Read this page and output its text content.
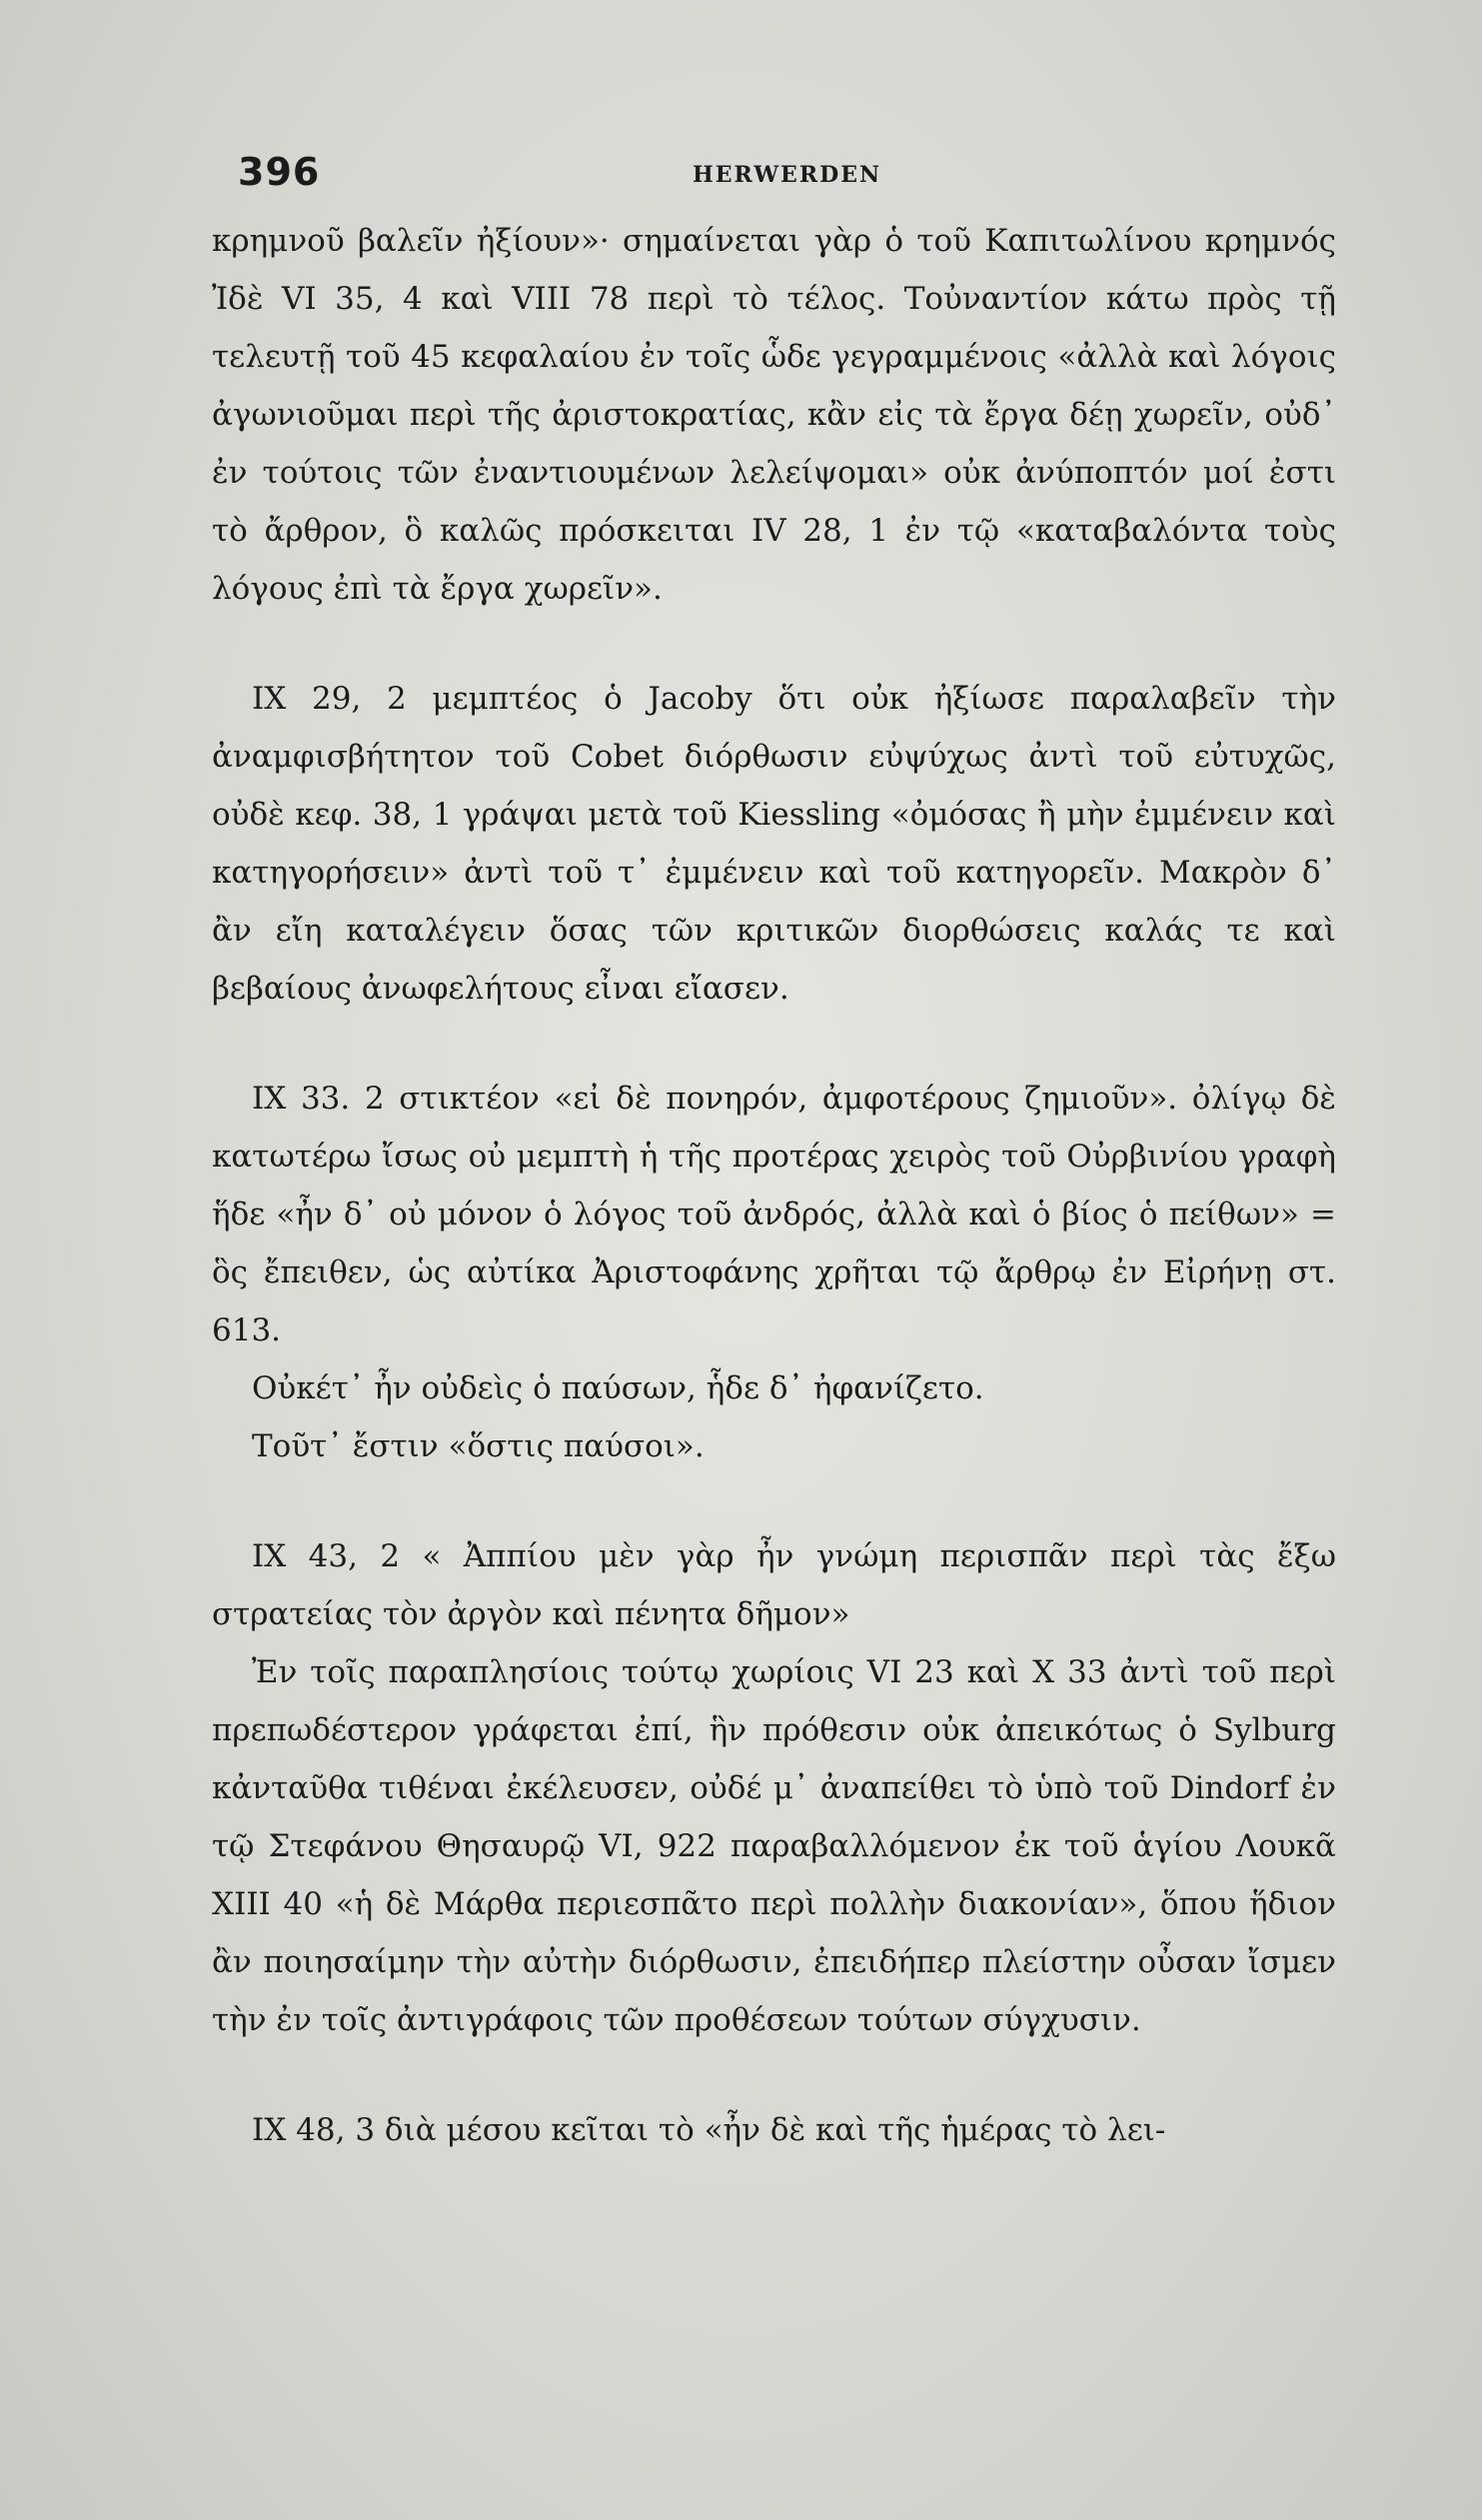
396	HERWERDEN

κρημνοῦ βαλεῖν ἠξίουν»· σημαίνεται γὰρ ὁ τοῦ Καπιτωλίνου κρημνός Ἰδὲ VI 35, 4 καὶ VIII 78 περὶ τὸ τέλος. Τοὐναντίον κάτω πρὸς τῇ τελευτῇ τοῦ 45 κεφαλαίου ἐν τοῖς ὧδε γεγραμμένοις «ἀλλὰ καὶ λόγοις ἀγωνιοῦμαι περὶ τῆς ἀριστοκρατίας, κἂν εἰς τὰ ἔργα δέῃ χωρεῖν, οὐδ᾿ ἐν τούτοις τῶν ἐναντιουμένων λελείψομαι» οὐκ ἀνύποπτόν μοί ἐστι τὸ ἄρθρον, ὃ καλῶς πρόσκειται IV 28, 1 ἐν τῷ «καταβαλόντα τοὺς λόγους ἐπὶ τὰ ἔργα χωρεῖν».

IX 29, 2 μεμπτέος ὁ Jacoby ὅτι οὐκ ἠξίωσε παραλαβεῖν τὴν ἀναμφισβήτητον τοῦ Cobet διόρθωσιν εὐψύχως ἀντὶ τοῦ εὐτυχῶς, οὐδὲ κεφ. 38, 1 γράψαι μετὰ τοῦ Kiessling «ὀμόσας ἢ μὴν ἐμμένειν καὶ κατηγορήσειν» ἀντὶ τοῦ τ᾿ ἐμμένειν καὶ τοῦ κατηγορεῖν. Μακρὸν δ᾿ ἂν εἴη καταλέγειν ὅσας τῶν κριτικῶν διορθώσεις καλάς τε καὶ βεβαίους ἀνωφελήτους εἶναι εἴασεν.

IX 33. 2 στικτέον «εἰ δὲ πονηρόν, ἀμφοτέρους ζημιοῦν». ὀλίγῳ δὲ κατωτέρω ἴσως οὐ μεμπτὴ ἡ τῆς προτέρας χειρὸς τοῦ Οὐρβινίου γραφὴ ἥδε «ἦν δ᾿ οὐ μόνον ὁ λόγος τοῦ ἀνδρός, ἀλλὰ καὶ ὁ βίος ὁ πείθων» = ὃς ἔπειθεν, ὡς αὐτίκα Ἀριστοφάνης χρῆται τῷ ἄρθρῳ ἐν Εἰρήνῃ στ. 613.

Οὐκέτ᾿ ἦν οὐδεὶς ὁ παύσων, ἧδε δ᾿ ἠφανίζετο.

Τοῦτ᾿ ἔστιν «ὅστις παύσοι».

IX 43, 2 « Ἀππίου μὲν γὰρ ἦν γνώμη περισπᾶν περὶ τὰς ἔξω στρατείας τὸν ἀργὸν καὶ πένητα δῆμον»

Ἐν τοῖς παραπλησίοις τούτῳ χωρίοις VI 23 καὶ X 33 ἀντὶ τοῦ περὶ πρεπωδέστερον γράφεται ἐπί, ἣν πρόθεσιν οὐκ ἀπεικότως ὁ Sylburg κἀνταῦθα τιθέναι ἐκέλευσεν, οὐδέ μ᾿ ἀναπείθει τὸ ὑπὸ τοῦ Dindorf ἐν τῷ Στεφάνου Θησαυρῷ VI, 922 παραβαλλόμενον ἐκ τοῦ ἁγίου Λουκᾶ XIII 40 «ἡ δὲ Μάρθα περιεσπᾶτο περὶ πολλὴν διακονίαν», ὅπου ἥδιον ἂν ποιησαίμην τὴν αὐτὴν διόρθωσιν, ἐπειδήπερ πλείστην οὖσαν ἴσμεν τὴν ἐν τοῖς ἀντιγράφοις τῶν προθέσεων τούτων σύγχυσιν.

IX 48, 3 διὰ μέσου κεῖται τὸ «ἦν δὲ καὶ τῆς ἡμέρας τὸ λει-
